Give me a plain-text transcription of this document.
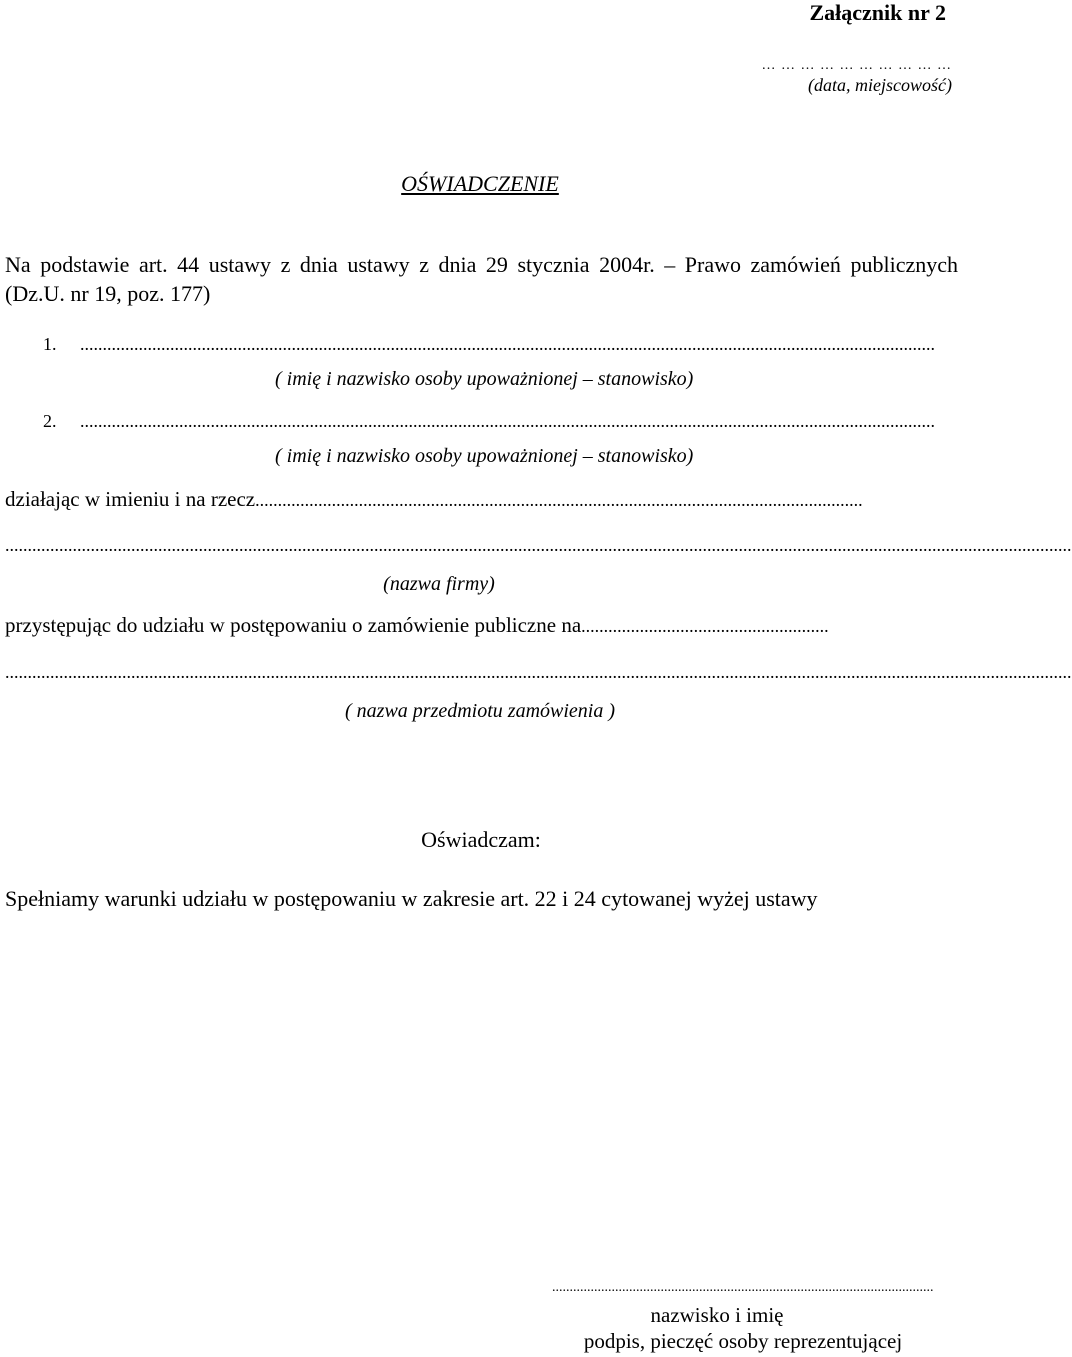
Załącznik nr 2
… … … … … … … … … …
(data, miejscowość)
OŚWIADCZENIE
Na podstawie art. 44 ustawy z dnia ustawy z dnia 29 stycznia 2004r. – Prawo zamówień publicznych (Dz.U. nr 19, poz. 177)
1. ..............................................................................................................................................................................................
( imię i nazwisko osoby upoważnionej – stanowisko)
2. ..............................................................................................................................................................................................
( imię i nazwisko osoby upoważnionej – stanowisko)
działając w imieniu i na rzecz.......................................................................................................................................
.............................................................................................................................................................................................................................................
(nazwa firmy)
przystępując do udziału w postępowaniu o zamówienie publiczne na.......................................................
.............................................................................................................................................................................................................................................
( nazwa przedmiotu zamówienia )
Oświadczam:
Spełniamy warunki udziału w postępowaniu w zakresie art. 22 i 24 cytowanej wyżej ustawy
.............................................................................................................
nazwisko i imię
podpis, pieczęć osoby reprezentującej
